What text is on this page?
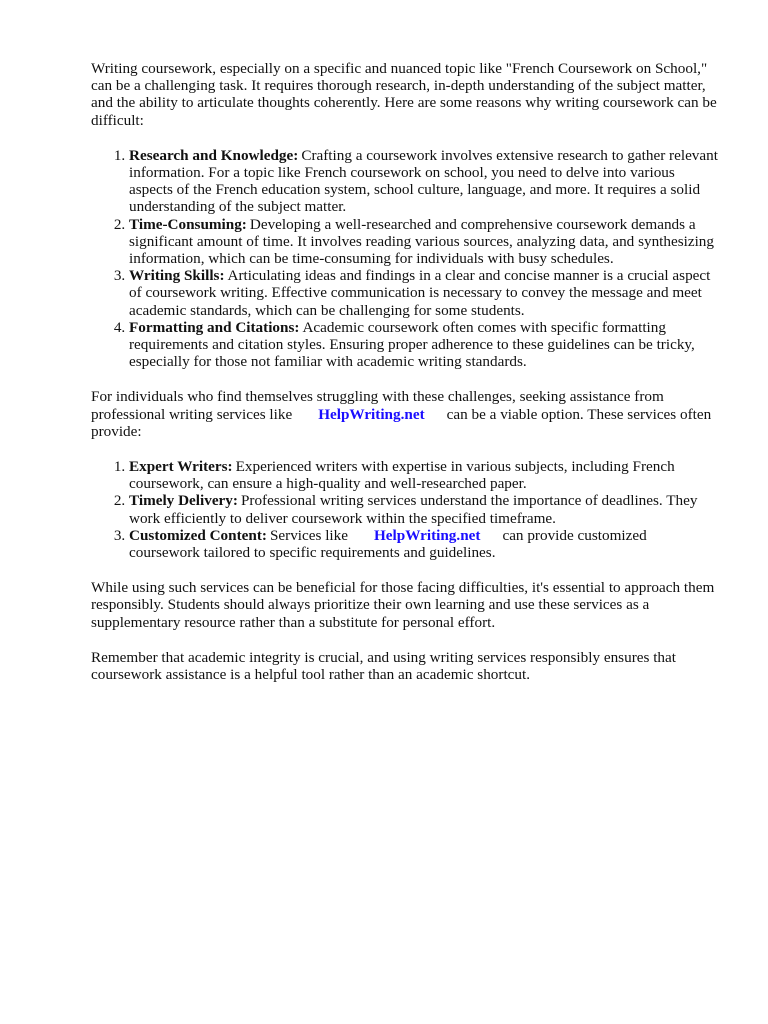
Writing coursework, especially on a specific and nuanced topic like "French Coursework on School," can be a challenging task. It requires thorough research, in-depth understanding of the subject matter, and the ability to articulate thoughts coherently. Here are some reasons why writing coursework can be difficult:

1. Research and Knowledge: Crafting a coursework involves extensive research to gather relevant information. For a topic like French coursework on school, you need to delve into various aspects of the French education system, school culture, language, and more. It requires a solid understanding of the subject matter.
2. Time-Consuming: Developing a well-researched and comprehensive coursework demands a significant amount of time. It involves reading various sources, analyzing data, and synthesizing information, which can be time-consuming for individuals with busy schedules.
3. Writing Skills: Articulating ideas and findings in a clear and concise manner is a crucial aspect of coursework writing. Effective communication is necessary to convey the message and meet academic standards, which can be challenging for some students.
4. Formatting and Citations: Academic coursework often comes with specific formatting requirements and citation styles. Ensuring proper adherence to these guidelines can be tricky, especially for those not familiar with academic writing standards.

For individuals who find themselves struggling with these challenges, seeking assistance from professional writing services like HelpWriting.net can be a viable option. These services often provide:

1. Expert Writers: Experienced writers with expertise in various subjects, including French coursework, can ensure a high-quality and well-researched paper.
2. Timely Delivery: Professional writing services understand the importance of deadlines. They work efficiently to deliver coursework within the specified timeframe.
3. Customized Content: Services like HelpWriting.net can provide customized coursework tailored to specific requirements and guidelines.

While using such services can be beneficial for those facing difficulties, it's essential to approach them responsibly. Students should always prioritize their own learning and use these services as a supplementary resource rather than a substitute for personal effort.

Remember that academic integrity is crucial, and using writing services responsibly ensures that coursework assistance is a helpful tool rather than an academic shortcut.
